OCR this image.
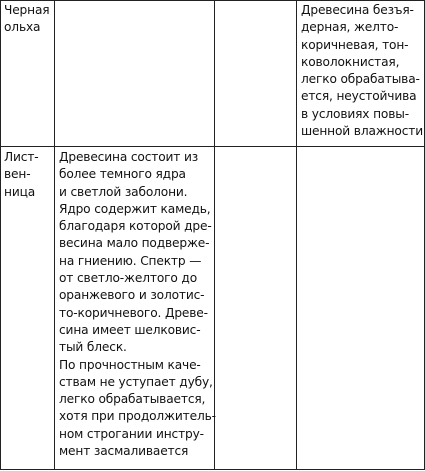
Черная
ольха
Древесина безъя-
дерная, желто-
коричневая, тон-
коволокнистая,
легко обрабатыва-
ется, неустойчива
в условиях повы-
шенной влажности
Лист-
вен-
ница
Древесина состоит из
более темного ядра
и светлой заболони.
Ядро содержит камедь,
благодаря которой дре-
весина мало подверже-
на гниению. Спектр —
от светло-желтого до
оранжевого и золотис-
то-коричневого. Древе-
сина имеет шелковис-
тый блеск.
По прочностным каче-
ствам не уступает дубу,
легко обрабатывается,
хотя при продолжитель-
ном строгании инстру-
мент засмаливается
